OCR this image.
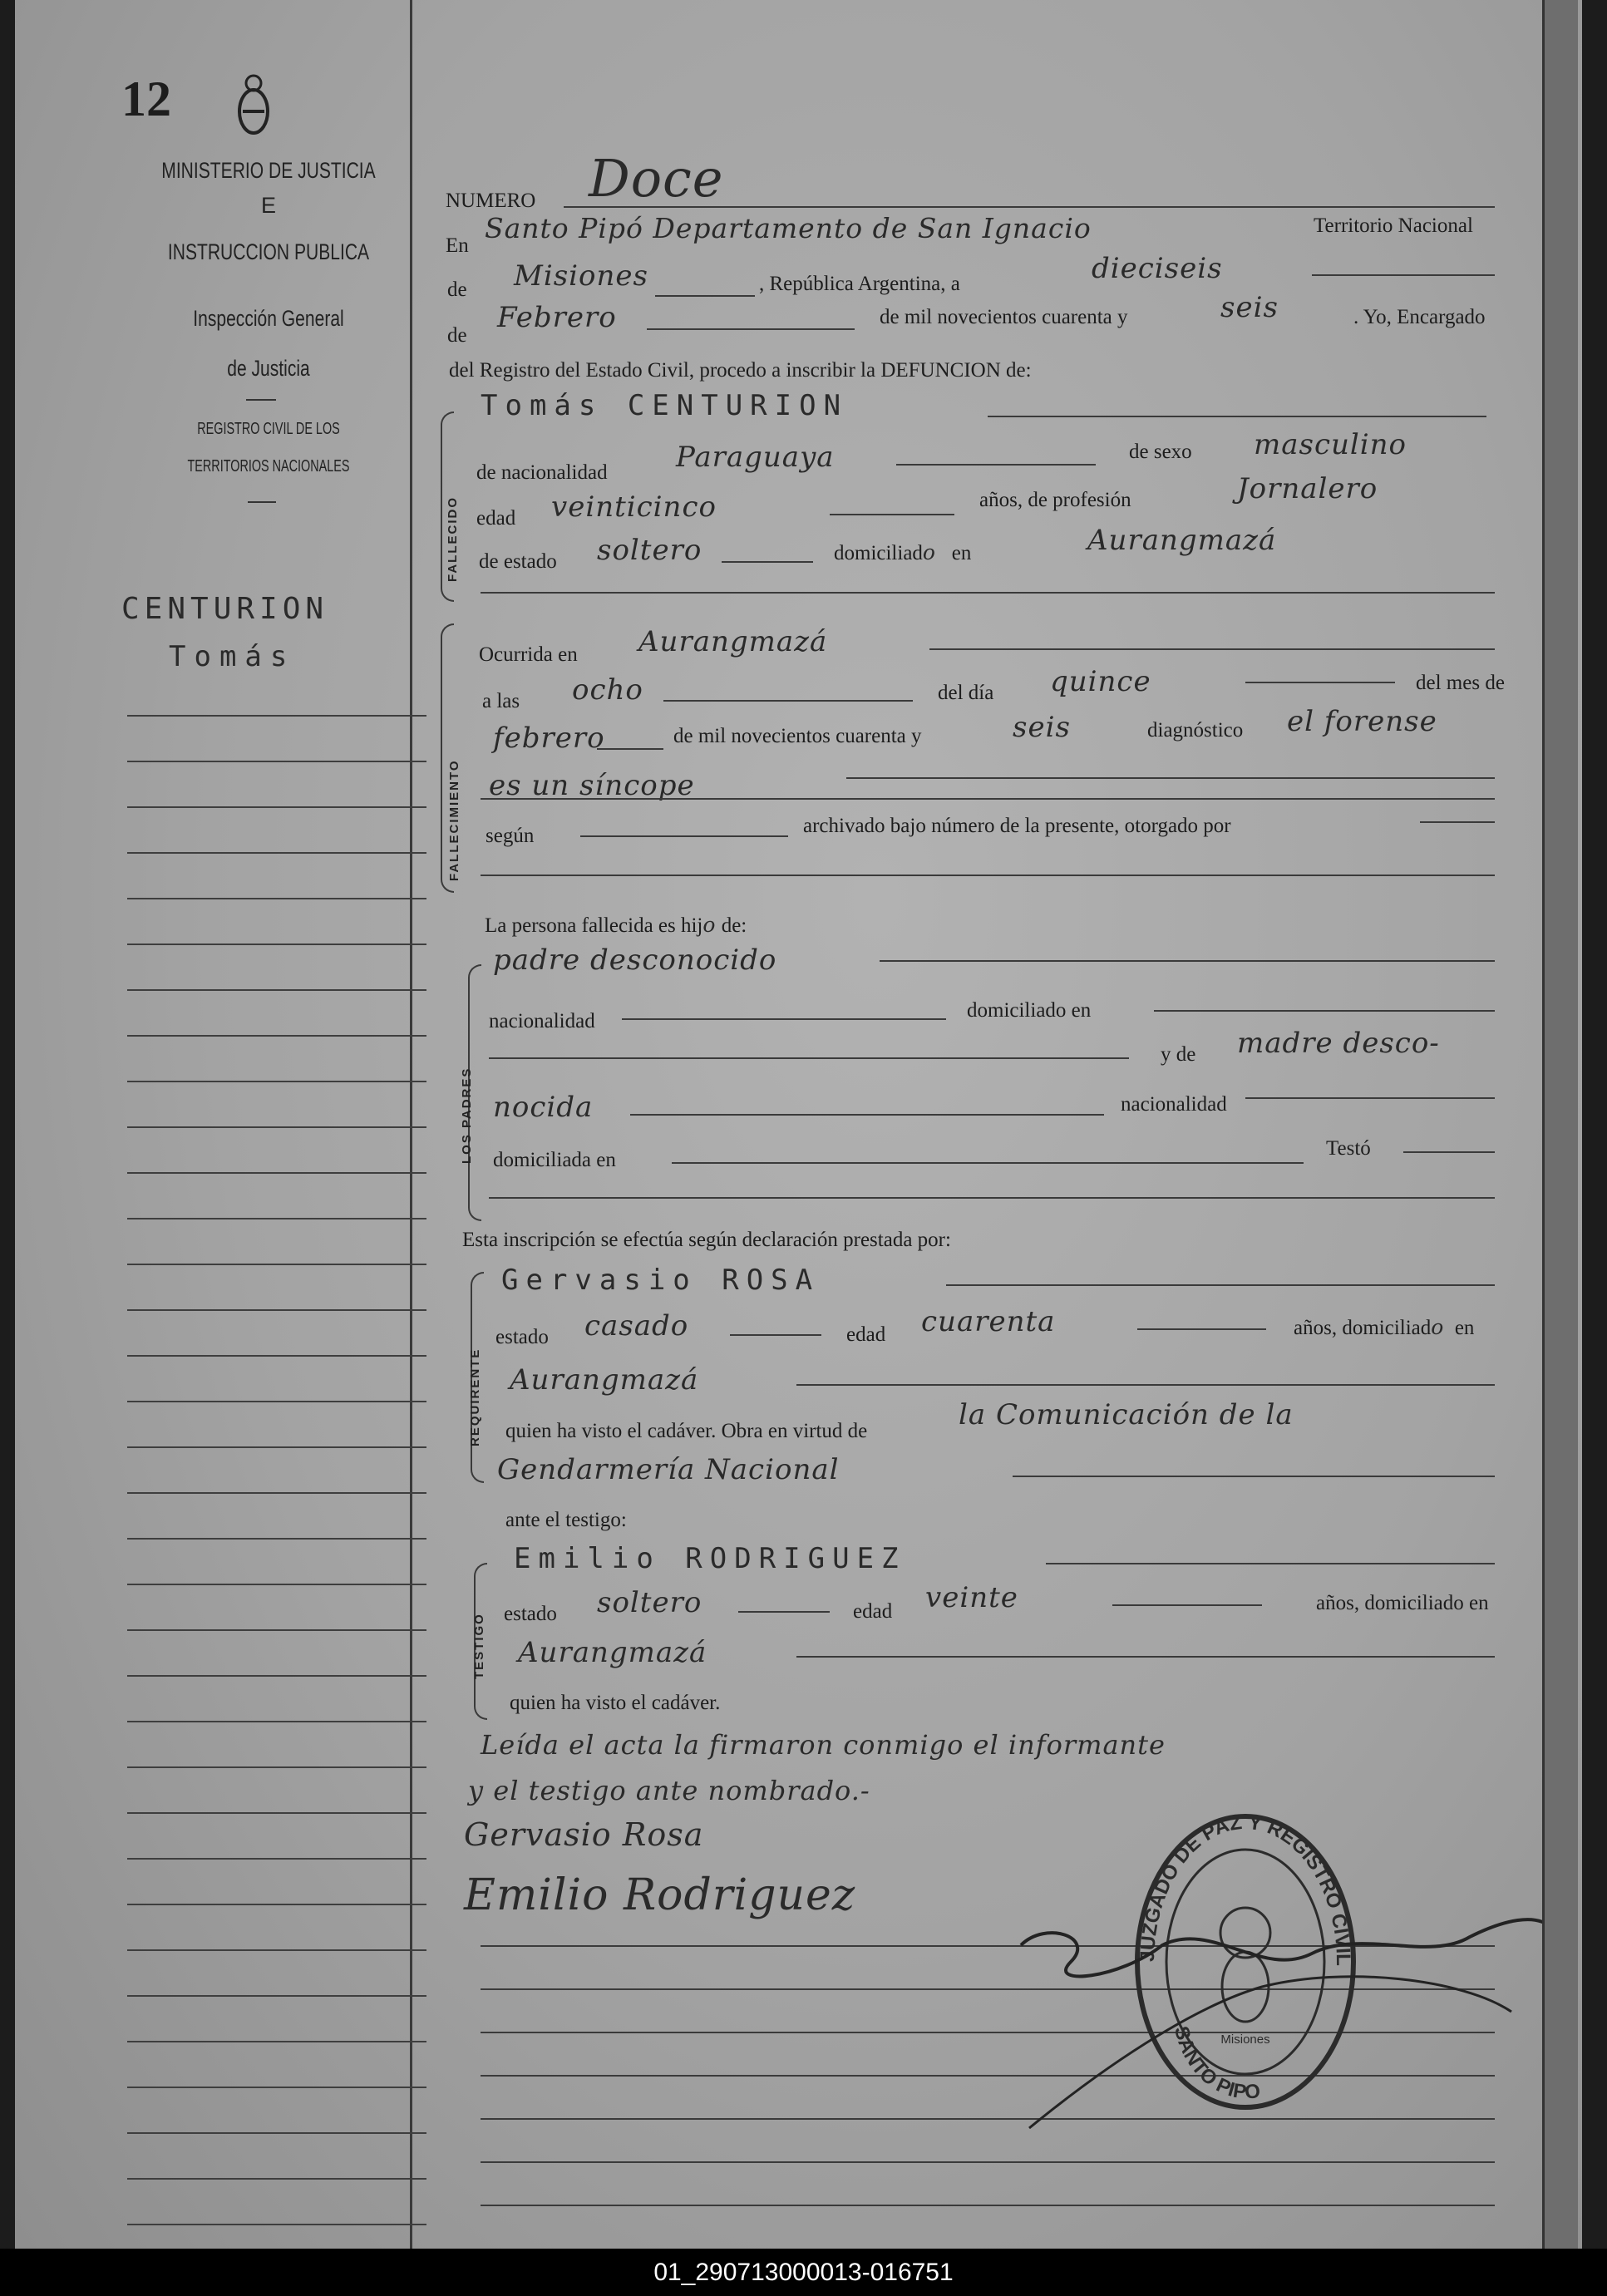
12
MINISTERIO DE JUSTICIA
E
INSTRUCCION PUBLICA
Inspección General
de Justicia
REGISTRO CIVIL DE LOS
TERRITORIOS NACIONALES
CENTURION
Tomás
NUMERO Doce
En
Santo Pipó Departamento de San Ignacio	Territorio Nacional
de Misiones	, República Argentina, a	dieciseis
de
Febrero	de mil novecientos cuarenta y	seis	. Yo, Encargado
del Registro del Estado Civil, procedo a inscribir la DEFUNCION de:
FALLECIDO
Tomás CENTURION
de nacionalidad Paraguaya	de sexo masculino
edad veinticinco	años, de profesión	Jornalero
de estado soltero	domiciliado en	Aurangmazá
FALLECIMIENTO
Ocurrida en Aurangmazá
a las ocho	del día quince	del mes de
febrero	de mil novecientos cuarenta y	seis	diagnóstico el forense
es un síncope
según	archivado bajo número de la presente, otorgado por
La persona fallecida es hijo de:
LOS PADRES
padre desconocido
nacionalidad	domiciliado en
y de madre desco-
nocida	nacionalidad
domiciliada en
Testó
Esta inscripción se efectúa según declaración prestada por:
REQUIRENTE
Gervasio ROSA
estado casado	edad cuarenta	años, domiciliado en
Aurangmazá
quien ha visto el cadáver. Obra en virtud de	la Comunicación de la
Gendarmería Nacional
ante el testigo:
TESTIGO
Emilio RODRIGUEZ
estado soltero	edad veinte	años, domiciliado en
Aurangmazá
quien ha visto el cadáver.
Leída el acta la firmaron conmigo el informante
y el testigo ante nombrado.-
Gervasio Rosa
Emilio Rodriguez
JUZGADO DE PAZ Y REGISTRO CIVIL
SANTO PIPO
Misiones
01_290713000013-016751
